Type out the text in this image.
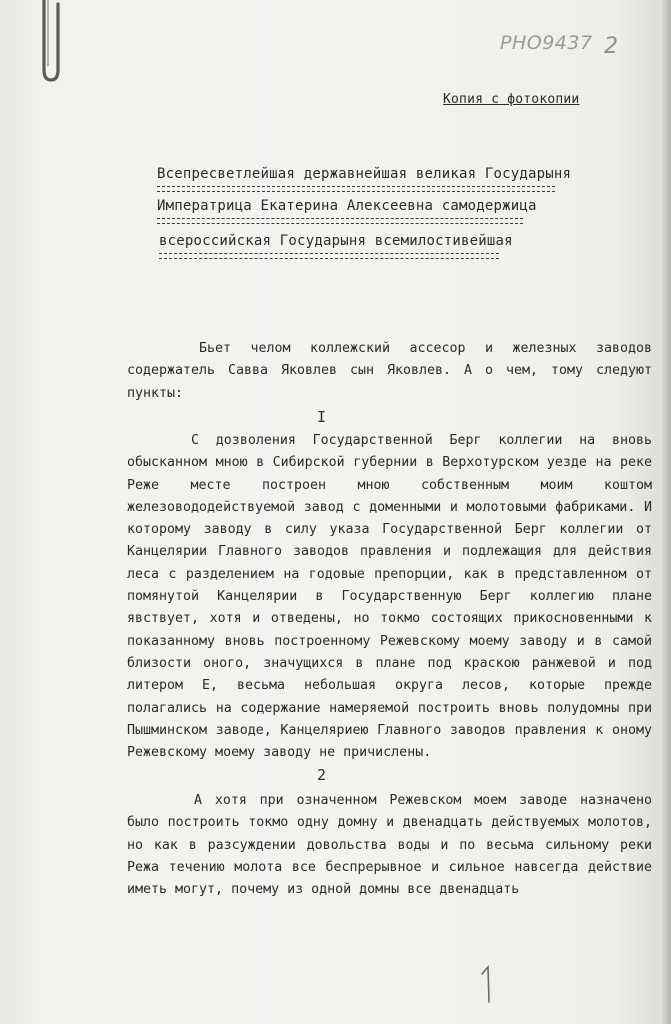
РНО9437 2
Копия с фотокопии
Всепресветлейшая державнейшая великая Государыня
Императрица Екатерина Алексеевна самодержица
всероссийская Государыня всемилостивейшая
Бьет челом коллежский ассесор и железных заводов содержатель Савва Яковлев сын Яковлев. А о чем, тому следуют пункты:
I
С дозволения Государственной Берг коллегии на вновь обысканном мною в Сибирской губернии в Верхотурском уезде на реке Реже месте построен мною собственным моим коштом железовододействуемой завод с доменными и молотовыми фабриками. И которому заводу в силу указа Государственной Берг коллегии от Канцелярии Главного заводов правления и подлежащия для действия леса с разделением на годовые препорции, как в представленном от помянутой Канцелярии в Государственную Берг коллегию плане явствует, хотя и отведены, но токмо состоящих прикосновенными к показанному вновь построенному Режевскому моему заводу и в самой близости оного, значущихся в плане под краскою ранжевой и под литером Е, весьма небольшая округа лесов, которые прежде полагались на содержание намеряемой построить вновь полудомны при Пышминском заводе, Канцеляриею Главного заводов правления к оному Режевскому моему заводу не причислены.
2
А хотя при означенном Режевском моем заводе назначено было построить токмо одну домну и двенадцать действуемых молотов, но как в разсуждении довольства воды и по весьма сильному реки Режа течению молота все беспрерывное и сильное навсегда действие иметь могут, почему из одной домны все двенадцать
